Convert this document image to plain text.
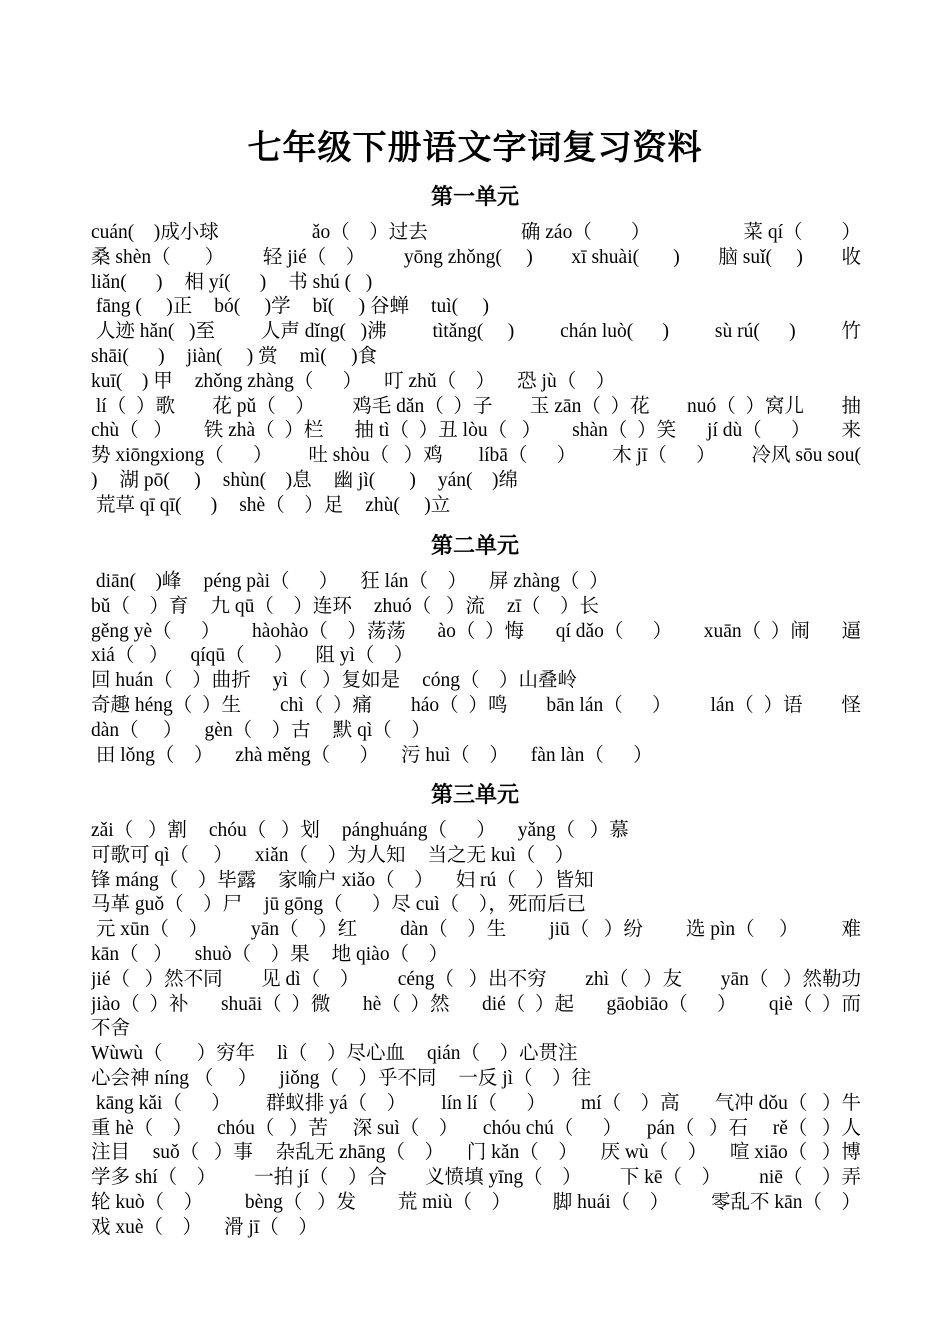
七年级下册语文字词复习资料
第一单元
cuán(    )成小球	ǎo（    ）过去	确 záo（        ）	菜 qí（        ）
桑 shèn（       ） 轻 jié（    ） yōng zhǒng(     ) xī shuài(       ) 脑 suǐ(     ) 收
liǎn(      ) 相 yí(      ) 书 shú (   )
fāng (     )正 bó(     )学 bǐ(     ) 谷蝉 tuì(     )
人迹 hǎn(   )至 人声 dǐng(   )沸 tìtǎng(     ) chán luò(      ) sù rú(      ) 竹
shāi(      ) jiàn(     ) 赏 mì(     )食
kuī(    ) 甲 zhǒng zhàng（      ） 叮 zhǔ（    ） 恐 jù（    ）
lí（  ）歌 花 pǔ（    ） 鸡毛 dǎn（  ）子 玉 zān（  ）花 nuó（  ）窝儿 抽
chù（   ） 铁 zhà（  ）栏 抽 tì（  ）丑 lòu（   ） shàn（  ）笑 jí dù（      ） 来
势 xiōngxiong（      ） 吐 shòu（   ）鸡 líbā（      ） 木 jī（      ） 冷风 sōu sou(
) 湖 pō(     ) shùn(    )息 幽 jì(       ) yán(    )绵
荒草 qī qī(      ) shè（    ）足 zhù(     )立
第二单元
diān(    )峰 péng pài（      ） 狂 lán（    ） 屏 zhàng（  ）
bǔ（    ）育 九 qū（    ）连环 zhuó（   ）流 zī（    ）长
gěng yè（      ） hàohào（    ）荡荡 ào（  ）悔 qí dǎo（      ） xuān（  ）闹 逼
xiá（   ） qíqū（      ） 阻 yì（    ）
回 huán（    ）曲折 yì（   ）复如是 cóng（    ）山叠岭
奇趣 héng（  ）生 chì（  ）痛 háo（  ）鸣 bān lán（      ） lán（  ）语 怪
dàn（     ） gèn（    ）古 默 qì（    ）
田 lǒng（    ） zhà měng（      ） 污 huì（    ） fàn làn（      ）
第三单元
zǎi（   ）割 chóu（   ）划 pánghuáng（      ） yǎng（   ）慕
可歌可 qì（     ） xiǎn（    ）为人知 当之无 kuì（    ）
锋 máng（    ）毕露 家喻户 xiǎo（    ） 妇 rú（    ）皆知
马革 guǒ（    ）尸 jū gōng（      ）尽 cuì（    ），死而后已
元 xūn（    ） yān（    ）红 dàn（    ）生 jiū（   ）纷 选 pìn（     ） 难
kān（   ） shuò（    ）果 地 qiào（    ）
jié（   ）然不同 见 dì（    ） céng（   ）出不穷 zhì（   ）友 yān（   ）然勒功
jiào（  ）补 shuāi（  ）微 hè（  ）然 dié（  ）起 gāobiāo（      ） qiè（  ）而
不舍
Wùwù（       ）穷年 lì（    ）尽心血 qián（    ）心贯注
心会神 níng （     ） jiǒng（    ）乎不同 一反 jì（    ）往
kāng kǎi（      ） 群蚁排 yá（    ） lín lí（      ） mí（    ）高 气冲 dǒu（   ）牛
重 hè（    ） chóu（   ）苦 深 suì（    ） chóu chú（      ） pán（   ）石 rě（   ）人
注目 suǒ（   ）事 杂乱无 zhāng（    ） 门 kǎn（    ） 厌 wù（    ） 喧 xiāo（   ）博
学多 shí（    ） 一拍 jí（    ）合 义愤填 yīng（    ） 下 kē（    ） niē（    ）弄
轮 kuò（    ） bèng（   ）发 荒 miù（    ） 脚 huái（    ） 零乱不 kān（    ）
戏 xuè（    ） 滑 jī（    ）
